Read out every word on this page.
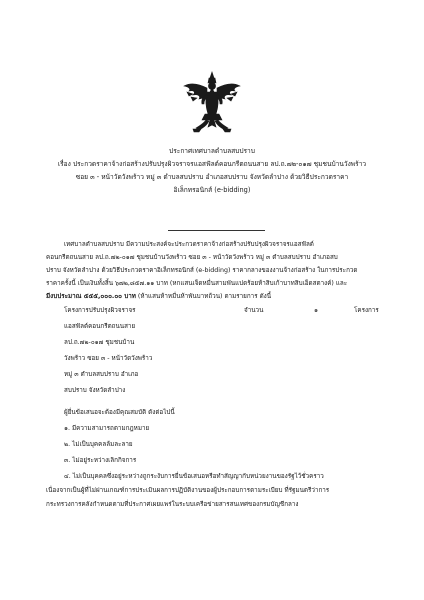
ประกาศเทศบาลตำบลสบปราบ
เรื่อง ประกวดราคาจ้างก่อสร้างปรับปรุงผิวจราจรแอสฟัลต์คอนกรีตถนนสาย ลป.ถ.๗๒-๐๑๗ ชุมชนบ้านวังพร้าว
ซอย ๓ - หน้าวัดวังพร้าว หมู่ ๓ ตำบลสบปราบ อำเภอสบปราบ จังหวัดลำปาง ด้วยวิธีประกวดราคา
อิเล็กทรอนิกส์ (e-bidding)
เทศบาลตำบลสบปราบ มีความประสงค์จะประกวดราคาจ้างก่อสร้างปรับปรุงผิวจราจรแอสฟัลต์
คอนกรีตถนนสาย ลป.ถ.๗๒-๐๑๗ ชุมชนบ้านวังพร้าว ซอย ๓ - หน้าวัดวังพร้าว หมู่ ๓ ตำบลสบปราบ อำเภอสบ
ปราบ จังหวัดลำปาง ด้วยวิธีประกวดราคาอิเล็กทรอนิกส์ (e-bidding) ราคากลางของงานจ้างก่อสร้าง ในการประกวด
ราคาครั้งนี้ เป็นเงินทั้งสิ้น ๖๗๒,๘๕๗.๑๑ บาท (หกแสนเจ็ดหมื่นสามพันแปดร้อยห้าสิบเก้าบาทสิบเอ็ดสตางค์) และ
มีงบประมาณ ๕๕๕,๐๐๐.๐๐ บาท (ห้าแสนห้าหมื่นห้าพันบาทถ้วน) ตามรายการ ดังนี้
โครงการปรับปรุงผิวจราจร	จำนวน	๑	โครงการ
แอสฟัลต์คอนกรีตถนนสาย
ลป.ถ.๗๒-๐๑๗ ชุมชนบ้าน
วังพร้าว ซอย ๓ - หน้าวัดวังพร้าว
หมู่ ๓ ตำบลสบปราบ อำเภอ
สบปราบ จังหวัดลำปาง
ผู้ยื่นข้อเสนอจะต้องมีคุณสมบัติ ดังต่อไปนี้
๑. มีความสามารถตามกฎหมาย
๒. ไม่เป็นบุคคลล้มละลาย
๓. ไม่อยู่ระหว่างเลิกกิจการ
๔. ไม่เป็นบุคคลซึ่งอยู่ระหว่างถูกระงับการยื่นข้อเสนอหรือทำสัญญากับหน่วยงานของรัฐไว้ชั่วคราว
เนื่องจากเป็นผู้ที่ไม่ผ่านเกณฑ์การประเมินผลการปฏิบัติงานของผู้ประกอบการตามระเบียบ ที่รัฐมนตรีว่าการ
กระทรวงการคลังกำหนดตามที่ประกาศเผยแพร่ในระบบเครือข่ายสารสนเทศของกรมบัญชีกลาง
